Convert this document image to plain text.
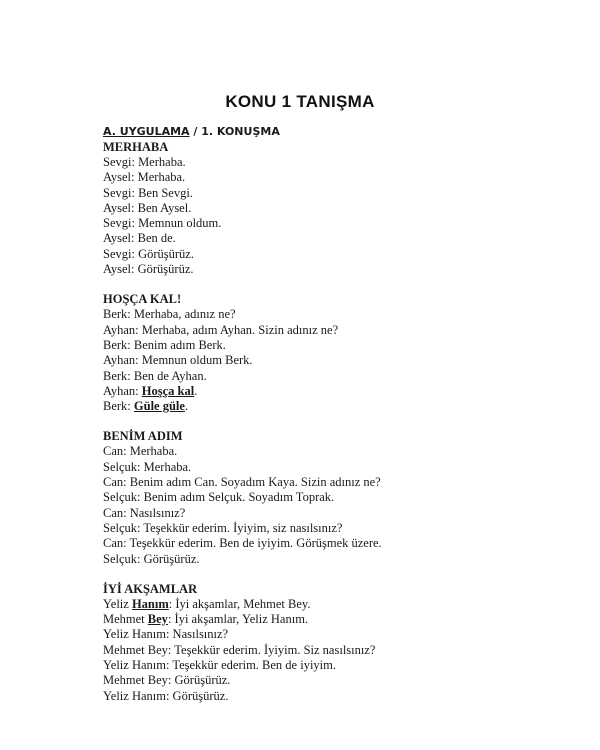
KONU 1 TANIŞMA
A. UYGULAMA / 1. KONUŞMA
MERHABA
Sevgi: Merhaba.
Aysel: Merhaba.
Sevgi: Ben Sevgi.
Aysel: Ben Aysel.
Sevgi: Memnun oldum.
Aysel: Ben de.
Sevgi: Görüşürüz.
Aysel: Görüşürüz.
HOŞÇA KAL!
Berk: Merhaba, adınız ne?
Ayhan: Merhaba, adım Ayhan. Sizin adınız ne?
Berk: Benim adım Berk.
Ayhan: Memnun oldum Berk.
Berk: Ben de Ayhan.
Ayhan: Hoşça kal.
Berk: Güle güle.
BENİM ADIM
Can: Merhaba.
Selçuk: Merhaba.
Can: Benim adım Can. Soyadım Kaya. Sizin adınız ne?
Selçuk: Benim adım Selçuk. Soyadım Toprak.
Can: Nasılsınız?
Selçuk: Teşekkür ederim. İyiyim, siz nasılsınız?
Can: Teşekkür ederim. Ben de iyiyim. Görüşmek üzere.
Selçuk: Görüşürüz.
İYİ AKŞAMLAR
Yeliz Hanım: İyi akşamlar, Mehmet Bey.
Mehmet Bey: İyi akşamlar, Yeliz Hanım.
Yeliz Hanım: Nasılsınız?
Mehmet Bey: Teşekkür ederim. İyiyim. Siz nasılsınız?
Yeliz Hanım: Teşekkür ederim. Ben de iyiyim.
Mehmet Bey: Görüşürüz.
Yeliz Hanım: Görüşürüz.
